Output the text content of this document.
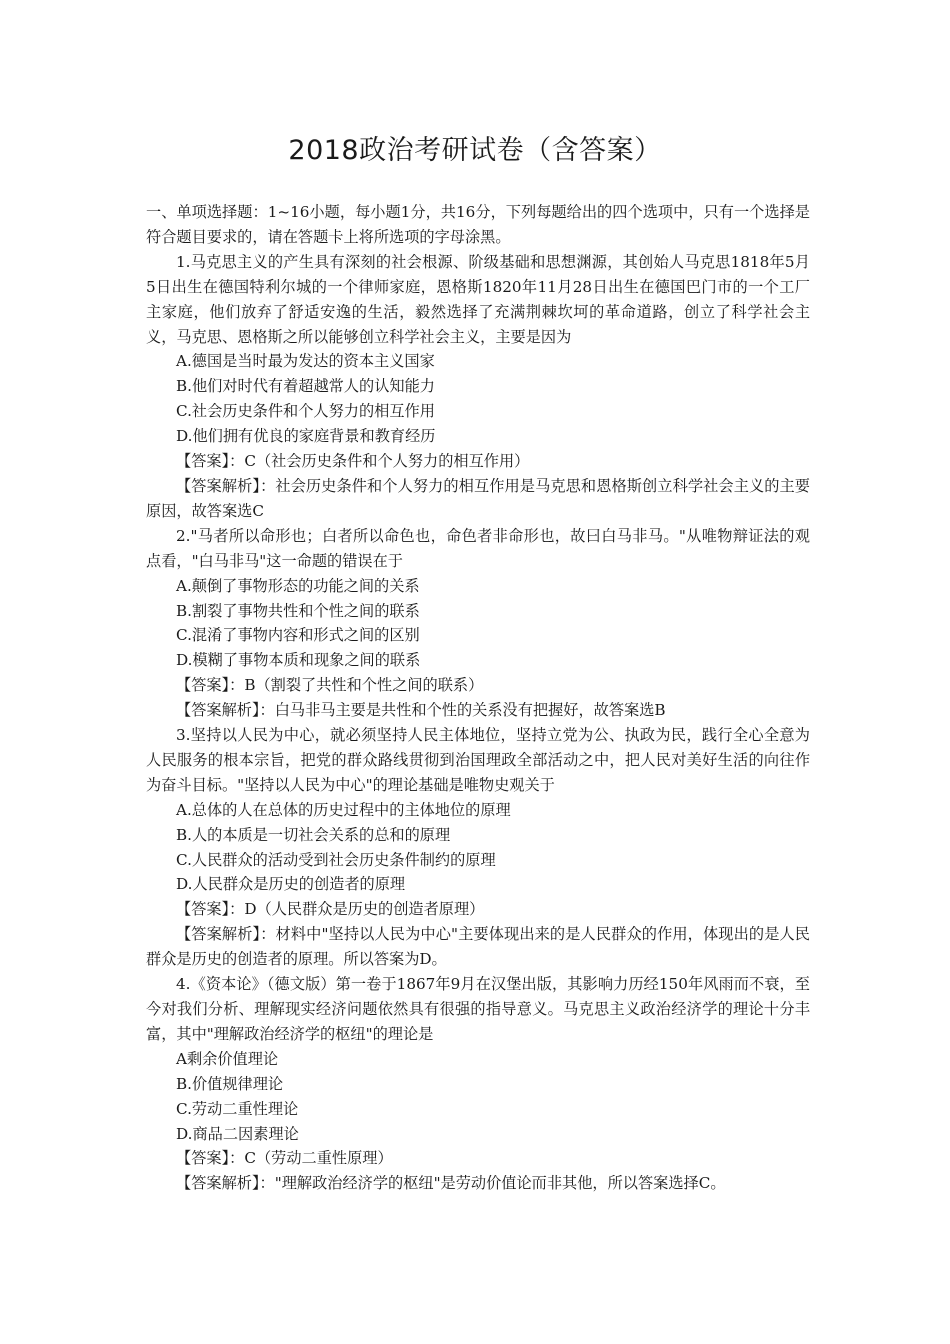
2018政治考研试卷（含答案）

一、单项选择题：1~16小题，每小题1分，共16分，下列每题给出的四个选项中，只有一个选择是符合题目要求的，请在答题卡上将所选项的字母涂黑。

1.马克思主义的产生具有深刻的社会根源、阶级基础和思想渊源，其创始人马克思1818年5月5日出生在德国特利尔城的一个律师家庭，恩格斯1820年11月28日出生在德国巴门市的一个工厂主家庭，他们放弃了舒适安逸的生活，毅然选择了充满荆棘坎坷的革命道路，创立了科学社会主义，马克思、恩格斯之所以能够创立科学社会主义，主要是因为

A.德国是当时最为发达的资本主义国家

B.他们对时代有着超越常人的认知能力

C.社会历史条件和个人努力的相互作用

D.他们拥有优良的家庭背景和教育经历

【答案】：C（社会历史条件和个人努力的相互作用）

【答案解析】：社会历史条件和个人努力的相互作用是马克思和恩格斯创立科学社会主义的主要原因，故答案选C

2."马者所以命形也；白者所以命色也，命色者非命形也，故曰白马非马。"从唯物辩证法的观点看，"白马非马"这一命题的错误在于

A.颠倒了事物形态的功能之间的关系

B.割裂了事物共性和个性之间的联系

C.混淆了事物内容和形式之间的区别

D.模糊了事物本质和现象之间的联系

【答案】：B（割裂了共性和个性之间的联系）

【答案解析】：白马非马主要是共性和个性的关系没有把握好，故答案选B

3.坚持以人民为中心，就必须坚持人民主体地位，坚持立党为公、执政为民，践行全心全意为人民服务的根本宗旨，把党的群众路线贯彻到治国理政全部活动之中，把人民对美好生活的向往作为奋斗目标。"坚持以人民为中心"的理论基础是唯物史观关于

A.总体的人在总体的历史过程中的主体地位的原理

B.人的本质是一切社会关系的总和的原理

C.人民群众的活动受到社会历史条件制约的原理

D.人民群众是历史的创造者的原理

【答案】：D（人民群众是历史的创造者原理）

【答案解析】：材料中"坚持以人民为中心"主要体现出来的是人民群众的作用，体现出的是人民群众是历史的创造者的原理。所以答案为D。

4.《资本论》（德文版）第一卷于1867年9月在汉堡出版，其影响力历经150年风雨而不衰，至今对我们分析、理解现实经济问题依然具有很强的指导意义。马克思主义政治经济学的理论十分丰富，其中"理解政治经济学的枢纽"的理论是

A剩余价值理论

B.价值规律理论

C.劳动二重性理论

D.商品二因素理论

【答案】：C（劳动二重性原理）

【答案解析】："理解政治经济学的枢纽"是劳动价值论而非其他，所以答案选择C。
